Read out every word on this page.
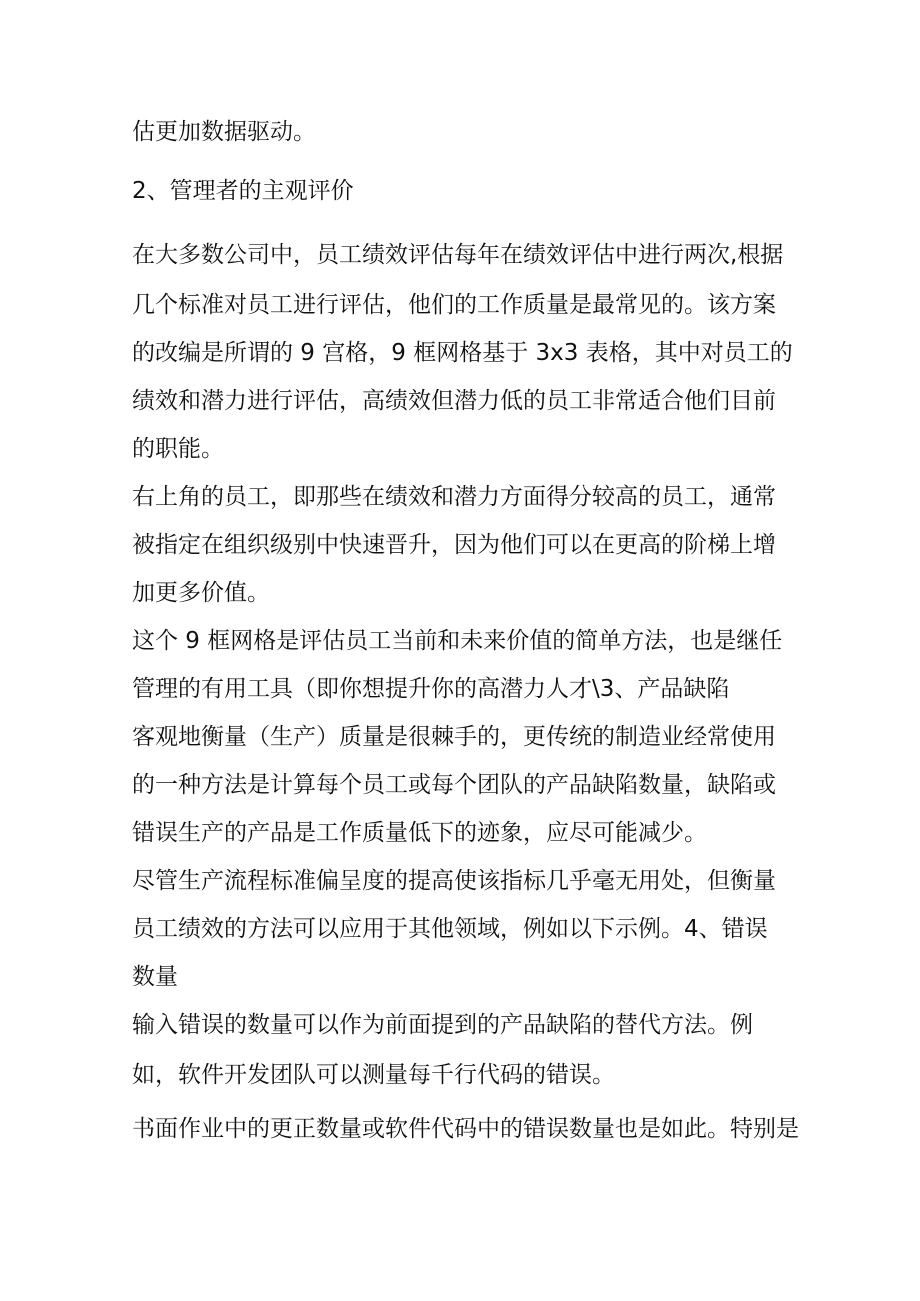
估更加数据驱动。
2、管理者的主观评价
在大多数公司中，员工绩效评估每年在绩效评估中进行两次,根据
几个标准对员工进行评估，他们的工作质量是最常见的。该方案
的改编是所谓的 9 宫格，9 框网格基于 3x3 表格，其中对员工的
绩效和潜力进行评估，高绩效但潜力低的员工非常适合他们目前
的职能。
右上角的员工，即那些在绩效和潜力方面得分较高的员工，通常
被指定在组织级别中快速晋升，因为他们可以在更高的阶梯上增
加更多价值。
这个 9 框网格是评估员工当前和未来价值的简单方法，也是继任
管理的有用工具（即你想提升你的高潜力人才\3、产品缺陷
客观地衡量（生产）质量是很棘手的，更传统的制造业经常使用
的一种方法是计算每个员工或每个团队的产品缺陷数量，缺陷或
错误生产的产品是工作质量低下的迹象，应尽可能减少。
尽管生产流程标准偏呈度的提高使该指标几乎毫无用处，但衡量
员工绩效的方法可以应用于其他领域，例如以下示例。4、错误
数量
输入错误的数量可以作为前面提到的产品缺陷的替代方法。例
如，软件开发团队可以测量每千行代码的错误。
书面作业中的更正数量或软件代码中的错误数量也是如此。特别是
